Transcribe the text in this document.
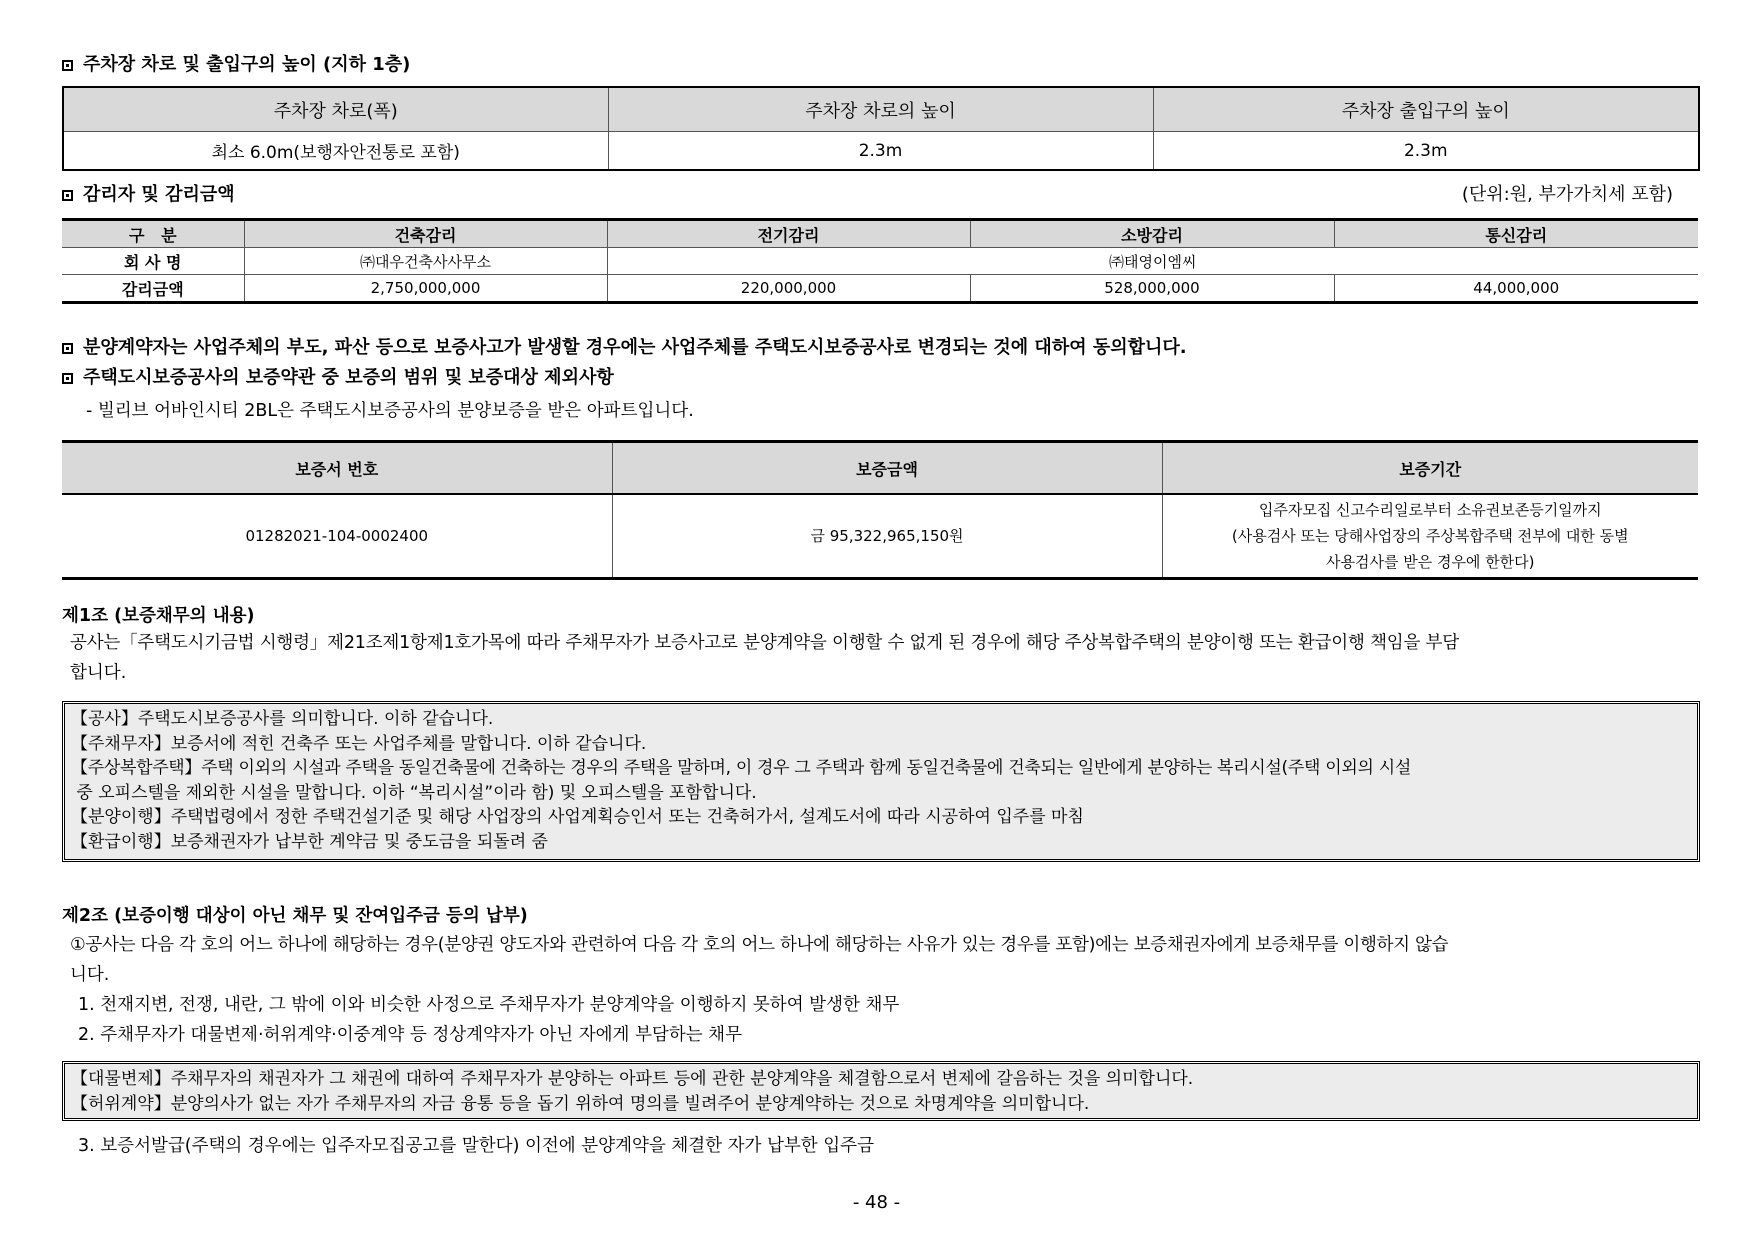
주차장 차로 및 출입구의 높이 (지하 1층)
주차장 차로(폭)	주차장 차로의 높이	주차장 출입구의 높이
최소 6.0m(보행자안전통로 포함)	2.3m	2.3m
감리자 및 감리금액	(단위:원, 부가가치세 포함)
구   분	건축감리	전기감리	소방감리	통신감리
회 사 명	㈜대우건축사사무소	㈜태영이엠씨		
감리금액	2,750,000,000	220,000,000	528,000,000	44,000,000
분양계약자는 사업주체의 부도, 파산 등으로 보증사고가 발생할 경우에는 사업주체를 주택도시보증공사로 변경되는 것에 대하여 동의합니다.
주택도시보증공사의 보증약관 중 보증의 범위 및 보증대상 제외사항
- 빌리브 어바인시티 2BL은 주택도시보증공사의 분양보증을 받은 아파트입니다.
보증서 번호	보증금액	보증기간
01282021-104-0002400	금 95,322,965,150원	입주자모집 신고수리일로부터 소유권보존등기일까지
(사용검사 또는 당해사업장의 주상복합주택 전부에 대한 동별
사용검사를 받은 경우에 한한다)
제1조 (보증채무의 내용)
공사는「주택도시기금법 시행령」제21조제1항제1호가목에 따라 주채무자가 보증사고로 분양계약을 이행할 수 없게 된 경우에 해당 주상복합주택의 분양이행 또는 환급이행 책임을 부담
합니다.

【공사】주택도시보증공사를 의미합니다. 이하 같습니다.

【주채무자】보증서에 적힌 건축주 또는 사업주체를 말합니다. 이하 같습니다.

【주상복합주택】주택 이외의 시설과 주택을 동일건축물에 건축하는 경우의 주택을 말하며, 이 경우 그 주택과 함께 동일건축물에 건축되는 일반에게 분양하는 복리시설(주택 이외의 시설

중 오피스텔을 제외한 시설을 말합니다. 이하 “복리시설”이라 함) 및 오피스텔을 포함합니다.

【분양이행】주택법령에서 정한 주택건설기준 및 해당 사업장의 사업계획승인서 또는 건축허가서, 설계도서에 따라 시공하여 입주를 마침

【환급이행】보증채권자가 납부한 계약금 및 중도금을 되돌려 줌

제2조 (보증이행 대상이 아닌 채무 및 잔여입주금 등의 납부)
①공사는 다음 각 호의 어느 하나에 해당하는 경우(분양권 양도자와 관련하여 다음 각 호의 어느 하나에 해당하는 사유가 있는 경우를 포함)에는 보증채권자에게 보증채무를 이행하지 않습
니다.
1. 천재지변, 전쟁, 내란, 그 밖에 이와 비슷한 사정으로 주채무자가 분양계약을 이행하지 못하여 발생한 채무
2. 주채무자가 대물변제·허위계약·이중계약 등 정상계약자가 아닌 자에게 부담하는 채무

【대물변제】주채무자의 채권자가 그 채권에 대하여 주채무자가 분양하는 아파트 등에 관한 분양계약을 체결함으로서 변제에 갈음하는 것을 의미합니다.

【허위계약】분양의사가 없는 자가 주채무자의 자금 융통 등을 돕기 위하여 명의를 빌려주어 분양계약하는 것으로 차명계약을 의미합니다.

3. 보증서발급(주택의 경우에는 입주자모집공고를 말한다) 이전에 분양계약을 체결한 자가 납부한 입주금
- 48 -
